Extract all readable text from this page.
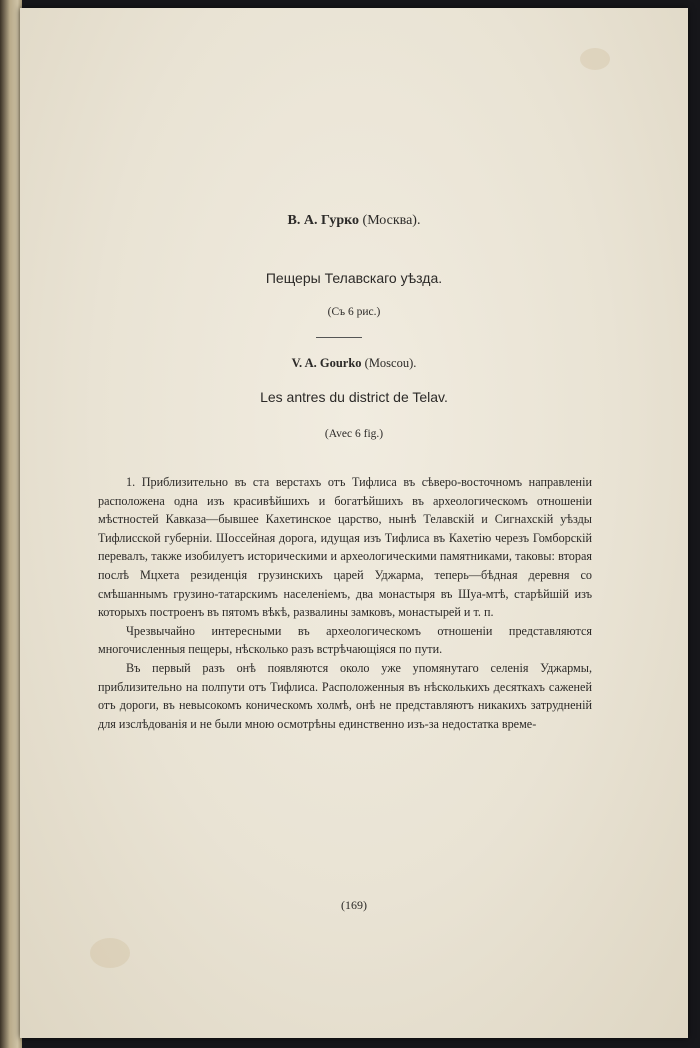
В. А. Гурко (Москва).
Пещеры Телавскаго уѣзда.
(Съ 6 рис.)
V. A. Gourko (Moscou).
Les antres du district de Telav.
(Avec 6 fig.)

1. Приблизительно въ ста верстахъ отъ Тифлиса въ сѣверо-восточномъ направленіи расположена одна изъ красивѣйшихъ и богатѣйшихъ въ археологическомъ отношеніи мѣстностей Кавказа—бывшее Кахетинское царство, нынѣ Телавскій и Сигнахскій уѣзды Тифлисской губерніи. Шоссейная дорога, идущая изъ Тифлиса въ Кахетію черезъ Гомборскій перевалъ, также изобилуетъ историческими и археологическими памятниками, таковы: вторая послѣ Мцхета резиденція грузинскихъ царей Уджарма, теперь—бѣдная деревня со смѣшаннымъ грузино-татарскимъ населеніемъ, два монастыря въ Шуа-мтѣ, старѣйшій изъ которыхъ построенъ въ пятомъ вѣкѣ, развалины замковъ, монастырей и т. п.

Чрезвычайно интересными въ археологическомъ отношеніи представляются многочисленныя пещеры, нѣсколько разъ встрѣчающіяся по пути.

Въ первый разъ онѣ появляются около уже упомянутаго селенія Уджармы, приблизительно на полпути отъ Тифлиса. Расположенныя въ нѣсколькихъ десяткахъ саженей отъ дороги, въ невысокомъ коническомъ холмѣ, онѣ не представляютъ никакихъ затрудненій для изслѣдованія и не были мною осмотрѣны единственно изъ-за недостатка време-

(169)
